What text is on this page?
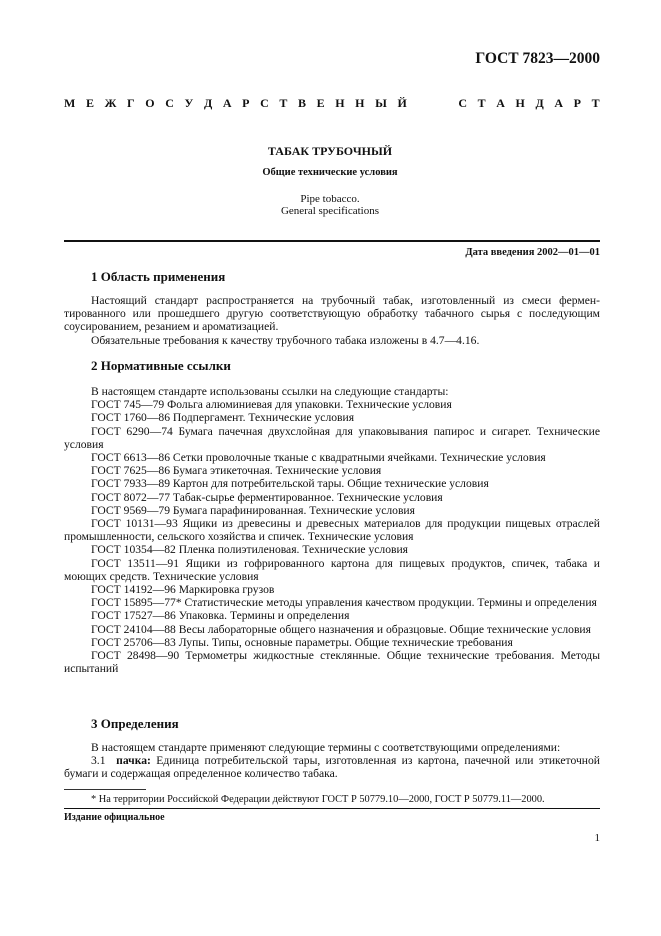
ГОСТ 7823—2000
М Е Ж Г О С У Д А Р С Т В Е Н Н Ы Й

	С Т А Н Д А Р Т
ТАБАК ТРУБОЧНЫЙ
Общие технические условия
Pipe tobacco.
General specifications
Дата введения 2002—01—01
1 Область применения

Настоящий стандарт распространяется на трубочный табак, изготовленный из смеси ферментированного или прошедшего другую соответствующую обработку табачного сырья с последующим соусированием, резанием и ароматизацией.

Обязательные требования к качеству трубочного табака изложены в 4.7—4.16.

2 Нормативные ссылки

В настоящем стандарте использованы ссылки на следующие стандарты:

ГОСТ 745—79 Фольга алюминиевая для упаковки. Технические условия

ГОСТ 1760—86 Подпергамент. Технические условия

ГОСТ 6290—74 Бумага пачечная двухслойная для упаковывания папирос и сигарет. Технические условия

ГОСТ 6613—86 Сетки проволочные тканые с квадратными ячейками. Технические условия

ГОСТ 7625—86 Бумага этикеточная. Технические условия

ГОСТ 7933—89 Картон для потребительской тары. Общие технические условия

ГОСТ 8072—77 Табак-сырье ферментированное. Технические условия

ГОСТ 9569—79 Бумага парафинированная. Технические условия

ГОСТ 10131—93 Ящики из древесины и древесных материалов для продукции пищевых отраслей промышленности, сельского хозяйства и спичек. Технические условия

ГОСТ 10354—82 Пленка полиэтиленовая. Технические условия

ГОСТ 13511—91 Ящики из гофрированного картона для пищевых продуктов, спичек, табака и моющих средств. Технические условия

ГОСТ 14192—96 Маркировка грузов

ГОСТ 15895—77* Статистические методы управления качеством продукции. Термины и определения

ГОСТ 17527—86 Упаковка. Термины и определения

ГОСТ 24104—88 Весы лабораторные общего назначения и образцовые. Общие технические условия

ГОСТ 25706—83 Лупы. Типы, основные параметры. Общие технические требования

ГОСТ 28498—90 Термометры жидкостные стеклянные. Общие технические требования. Методы испытаний

3 Определения

В настоящем стандарте применяют следующие термины с соответствующими определениями:

3.1 пачка: Единица потребительской тары, изготовленная из картона, пачечной или этикеточной бумаги и содержащая определенное количество табака.

* На территории Российской Федерации действуют ГОСТ Р 50779.10—2000, ГОСТ Р 50779.11—2000.
Издание официальное
1
